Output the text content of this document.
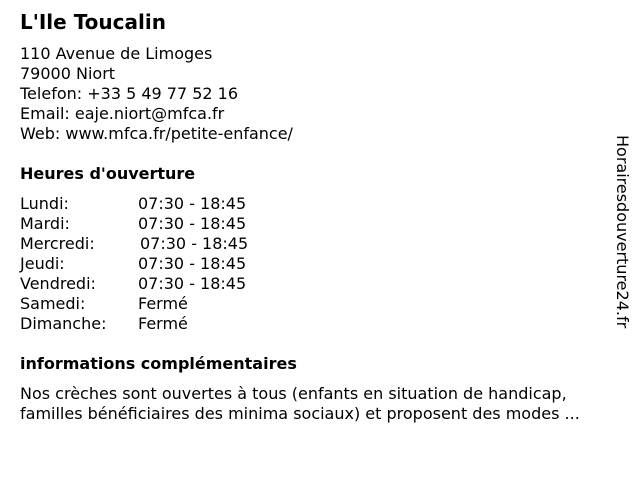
L'Ile Toucalin
110 Avenue de Limoges
79000 Niort
Telefon: +33 5 49 77 52 16
Email: eaje.niort@mfca.fr
Web: www.mfca.fr/petite-enfance/
Heures d'ouverture
Lundi:	07:30 - 18:45
Mardi:	07:30 - 18:45
Mercredi:	07:30 - 18:45
Jeudi:	07:30 - 18:45
Vendredi:	07:30 - 18:45
Samedi:	Fermé
Dimanche: Fermé
informations complémentaires
Nos crèches sont ouvertes à tous (enfants en situation de handicap,
familles bénéficiaires des minima sociaux) et proposent des modes ...
Horairesdouverture24.fr
